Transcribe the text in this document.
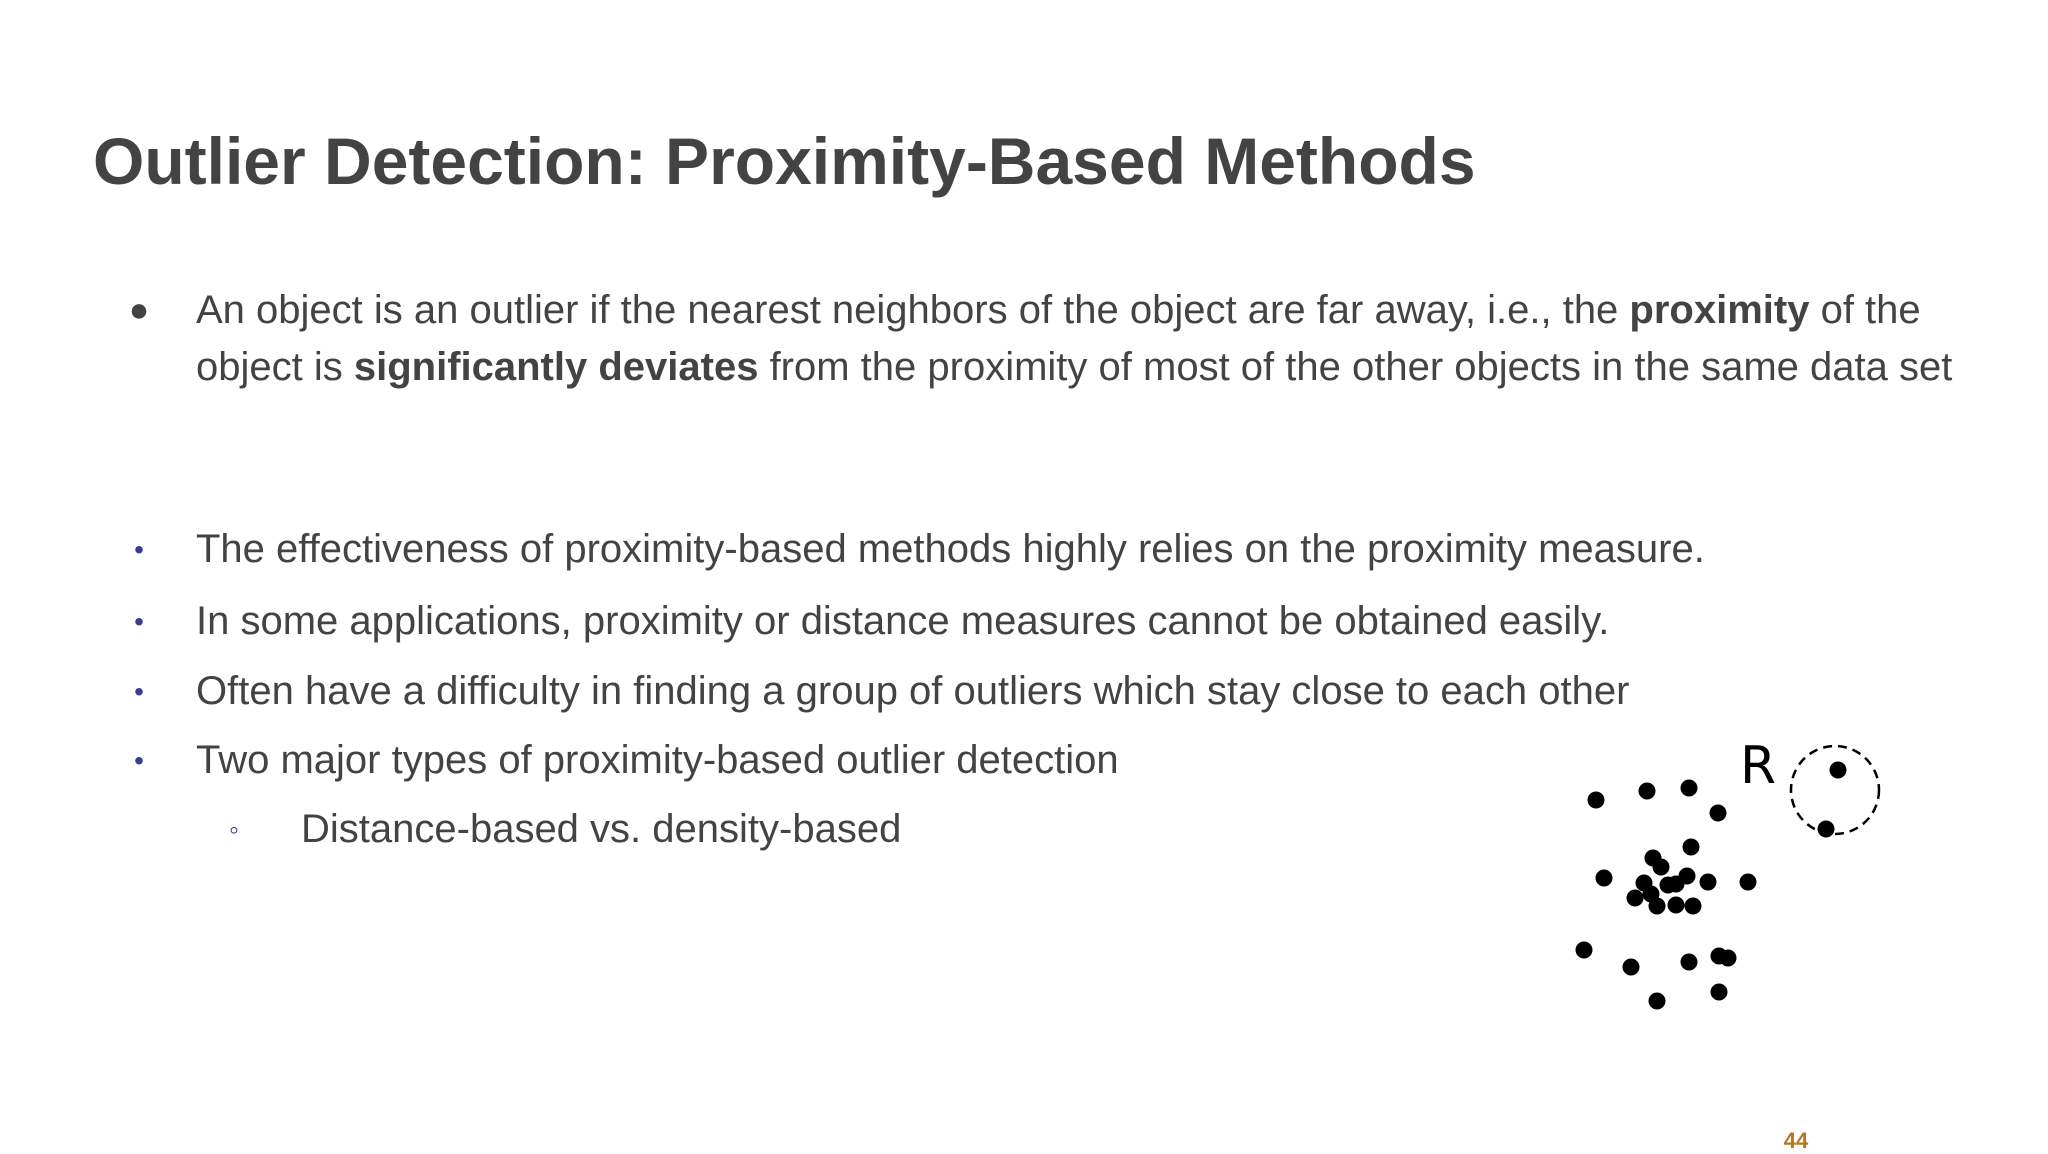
Outlier Detection: Proximity-Based Methods
● An object is an outlier if the nearest neighbors of the object are far away, i.e., the proximity of the object is significantly deviates from the proximity of most of the other objects in the same data set
• The effectiveness of proximity-based methods highly relies on the proximity measure.
• In some applications, proximity or distance measures cannot be obtained easily.
• Often have a difficulty in finding a group of outliers which stay close to each other
• Two major types of proximity-based outlier detection
◦ Distance-based vs. density-based
R
44
